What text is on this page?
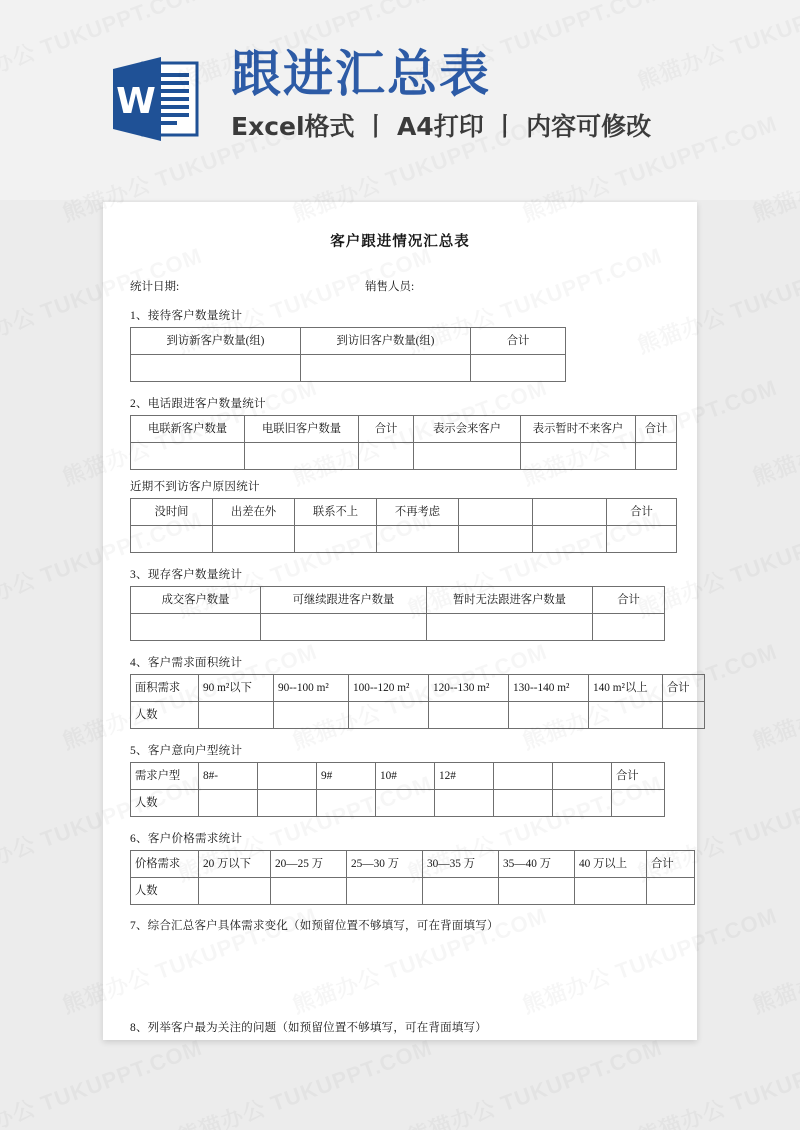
W 跟进汇总表
Excel格式 丨 A4打印 丨 内容可修改
客户跟进情况汇总表
统计日期:	销售人员:
1、接待客户数量统计
到访新客户数量(组)	到访旧客户数量(组)	合计

2、电话跟进客户数量统计
电联新客户数量	电联旧客户数量	合计	表示会来客户	表示暂时不来客户	合计

近期不到访客户原因统计
没时间	出差在外	联系不上	不再考虑			合计

3、现存客户数量统计
成交客户数量	可继续跟进客户数量	暂时无法跟进客户数量	合计

4、客户需求面积统计
面积需求	90 m²以下	90--100 m²	100--120 m²	120--130 m²	130--140 m²	140 m²以上	合计
人数							
5、客户意向户型统计
需求户型	8#-		9#	10#	12#			合计
人数								
6、客户价格需求统计
价格需求	20 万以下	20—25 万	25—30 万	30—35 万	35—40 万	40 万以上	合计
人数							
7、综合汇总客户具体需求变化（如预留位置不够填写，可在背面填写）
8、列举客户最为关注的问题（如预留位置不够填写，可在背面填写）
